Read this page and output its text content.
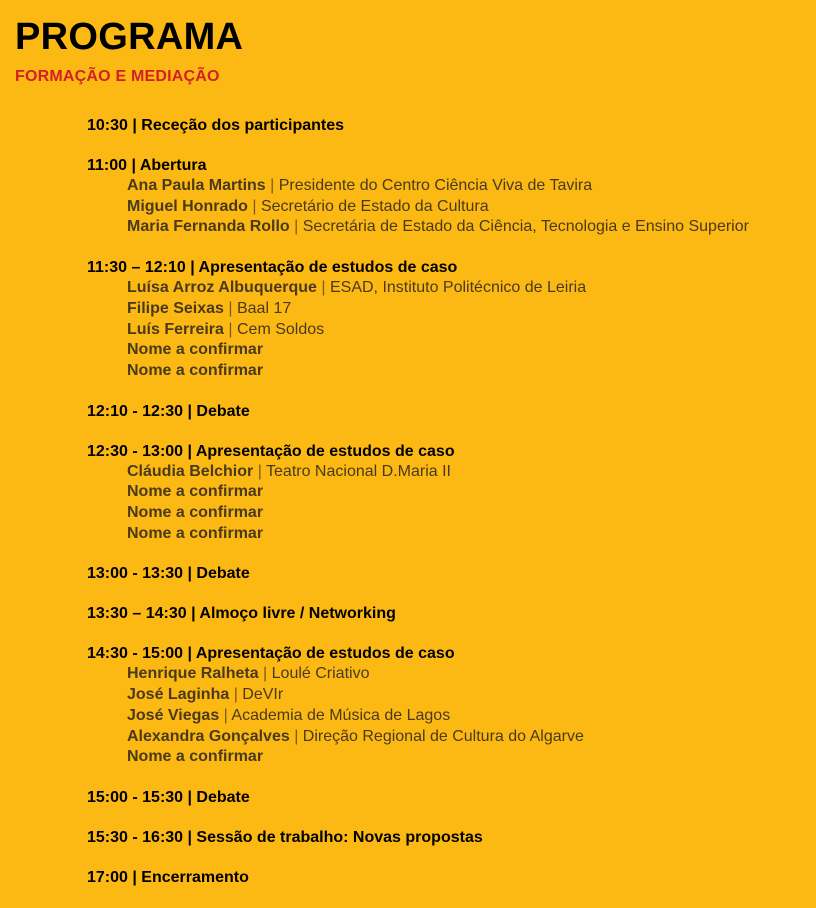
PROGRAMA
FORMAÇÃO E MEDIAÇÃO
10:30 | Receção dos participantes
11:00 | Abertura
Ana Paula Martins | Presidente do Centro Ciência Viva de Tavira
Miguel Honrado | Secretário de Estado da Cultura
Maria Fernanda Rollo | Secretária de Estado da Ciência, Tecnologia e Ensino Superior
11:30 – 12:10 | Apresentação de estudos de caso
Luísa Arroz Albuquerque | ESAD, Instituto Politécnico de Leiria
Filipe Seixas | Baal 17
Luís Ferreira | Cem Soldos
Nome a confirmar
Nome a confirmar
12:10 - 12:30 | Debate
12:30 - 13:00 | Apresentação de estudos de caso
Cláudia Belchior | Teatro Nacional D.Maria II
Nome a confirmar
Nome a confirmar
Nome a confirmar
13:00 - 13:30 | Debate
13:30 – 14:30 | Almoço livre / Networking
14:30 - 15:00 | Apresentação de estudos de caso
Henrique Ralheta | Loulé Criativo
José Laginha | DeVIr
José Viegas | Academia de Música de Lagos
Alexandra Gonçalves | Direção Regional de Cultura do Algarve
Nome a confirmar
15:00 - 15:30 | Debate
15:30 - 16:30 | Sessão de trabalho: Novas propostas
17:00 | Encerramento
